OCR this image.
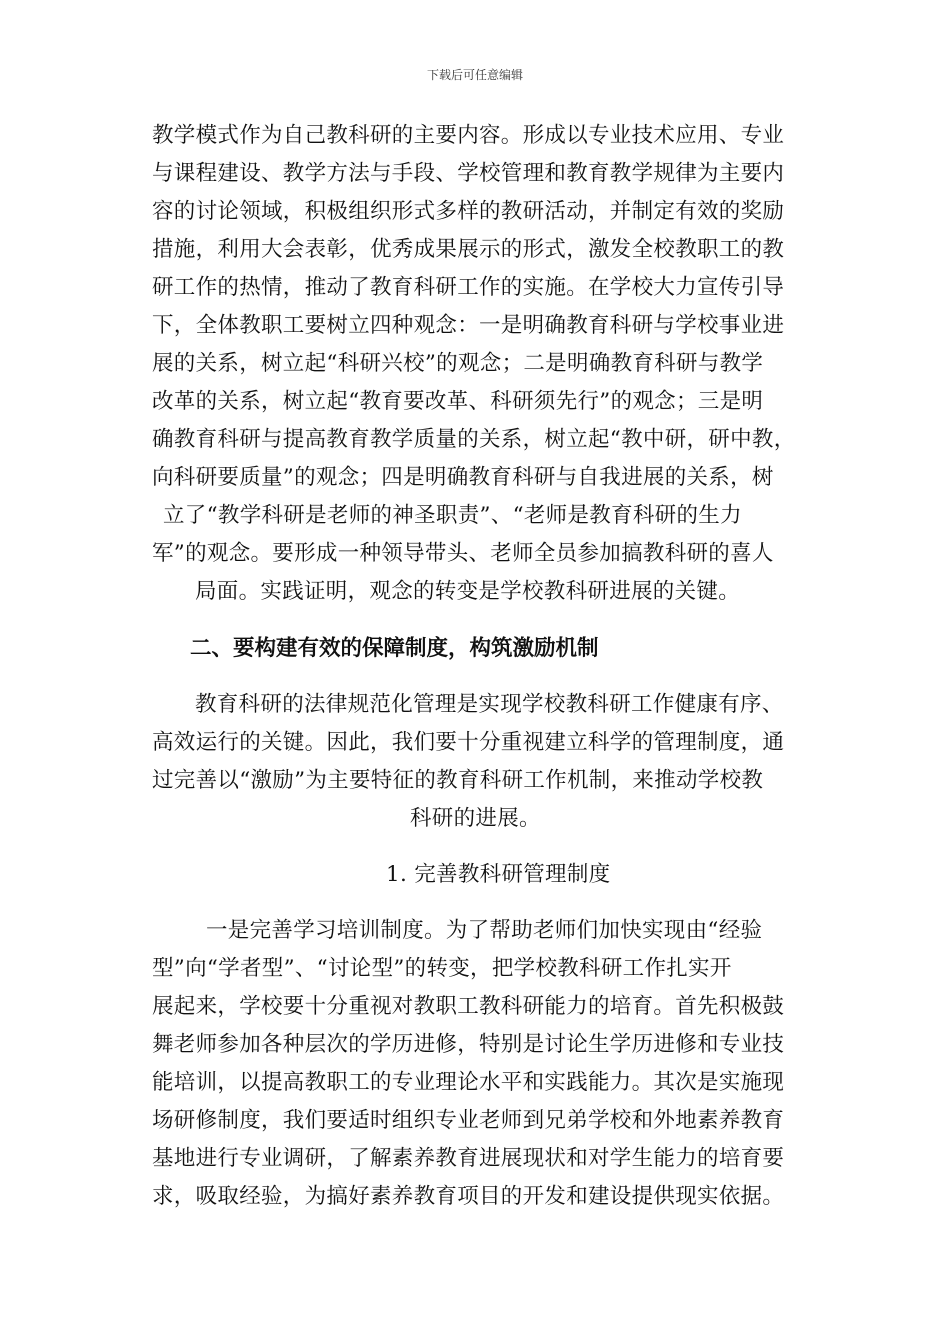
下载后可任意编辑
教学模式作为自己教科研的主要内容。形成以专业技术应用、专业
与课程建设、教学方法与手段、学校管理和教育教学规律为主要内
容的讨论领域，积极组织形式多样的教研活动，并制定有效的奖励
措施，利用大会表彰，优秀成果展示的形式，激发全校教职工的教
研工作的热情，推动了教育科研工作的实施。在学校大力宣传引导
下，全体教职工要树立四种观念：一是明确教育科研与学校事业进
展的关系，树立起“科研兴校”的观念；二是明确教育科研与教学
改革的关系，树立起“教育要改革、科研须先行”的观念；三是明
确教育科研与提高教育教学质量的关系，树立起“教中研，研中教，
向科研要质量”的观念；四是明确教育科研与自我进展的关系，树
立了“教学科研是老师的神圣职责”、“老师是教育科研的生力
军”的观念。要形成一种领导带头、老师全员参加搞教科研的喜人
局面。实践证明，观念的转变是学校教科研进展的关键。
二、要构建有效的保障制度，构筑激励机制
教育科研的法律规范化管理是实现学校教科研工作健康有序、
高效运行的关键。因此，我们要十分重视建立科学的管理制度，通
过完善以“激励”为主要特征的教育科研工作机制，来推动学校教
科研的进展。
1. 完善教科研管理制度
一是完善学习培训制度。为了帮助老师们加快实现由“经验
型”向“学者型”、“讨论型”的转变，把学校教科研工作扎实开
展起来，学校要十分重视对教职工教科研能力的培育。首先积极鼓
舞老师参加各种层次的学历进修，特别是讨论生学历进修和专业技
能培训，以提高教职工的专业理论水平和实践能力。其次是实施现
场研修制度，我们要适时组织专业老师到兄弟学校和外地素养教育
基地进行专业调研，了解素养教育进展现状和对学生能力的培育要
求，吸取经验，为搞好素养教育项目的开发和建设提供现实依据。
